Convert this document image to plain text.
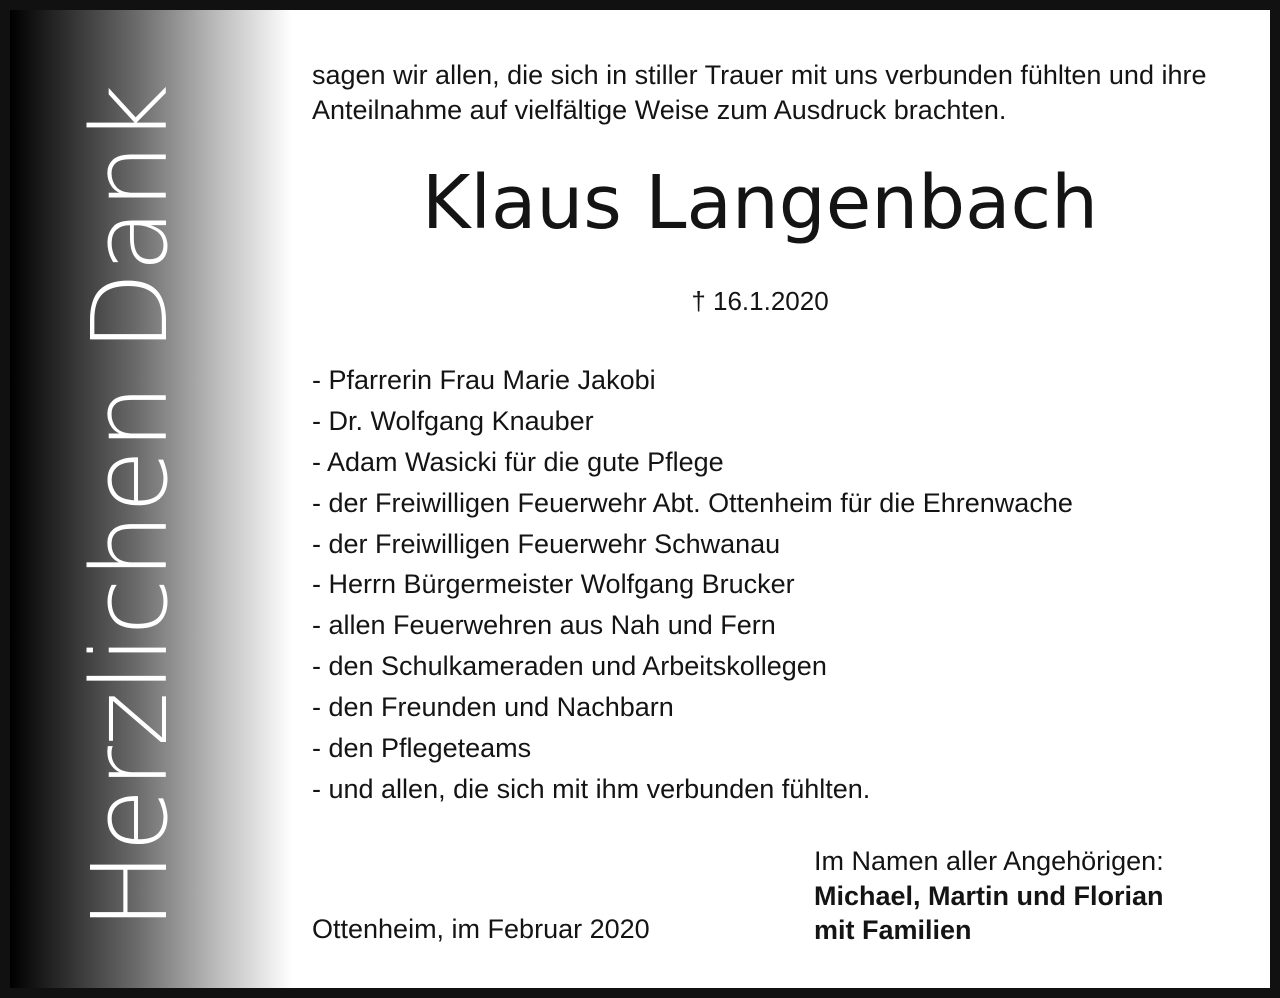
Herzlichen Dank

sagen wir allen, die sich in stiller Trauer mit uns verbunden fühlten und ihre Anteilnahme auf vielfältige Weise zum Ausdruck brachten.

Klaus Langenbach

† 16.1.2020

- Pfarrerin Frau Marie Jakobi
- Dr. Wolfgang Knauber
- Adam Wasicki für die gute Pflege
- der Freiwilligen Feuerwehr Abt. Ottenheim für die Ehrenwache
- der Freiwilligen Feuerwehr Schwanau
- Herrn Bürgermeister Wolfgang Brucker
- allen Feuerwehren aus Nah und Fern
- den Schulkameraden und Arbeitskollegen
- den Freunden und Nachbarn
- den Pflegeteams
- und allen, die sich mit ihm verbunden fühlten.

Ottenheim, im Februar 2020

Im Namen aller Angehörigen:
Michael, Martin und Florian
mit Familien
